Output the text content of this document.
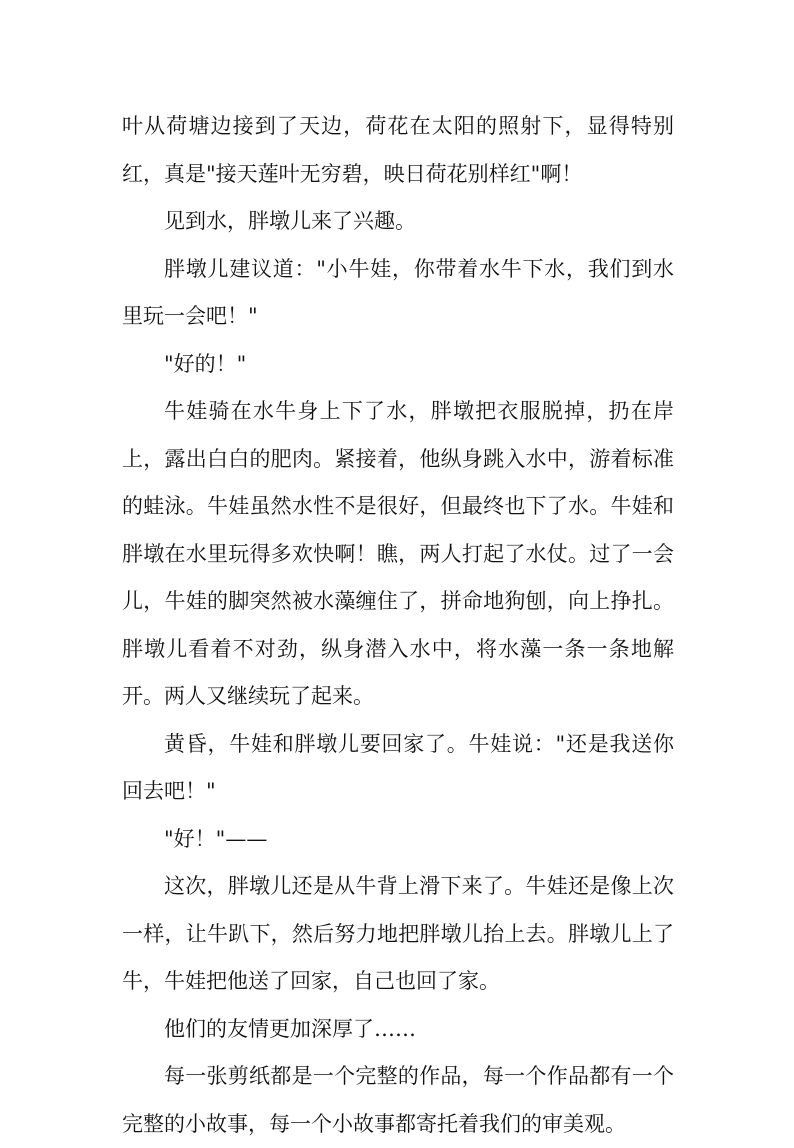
叶从荷塘边接到了天边，荷花在太阳的照射下，显得特别红，真是"接天莲叶无穷碧，映日荷花别样红"啊！

见到水，胖墩儿来了兴趣。

胖墩儿建议道："小牛娃，你带着水牛下水，我们到水里玩一会吧！"

"好的！"

牛娃骑在水牛身上下了水，胖墩把衣服脱掉，扔在岸上，露出白白的肥肉。紧接着，他纵身跳入水中，游着标准的蛙泳。牛娃虽然水性不是很好，但最终也下了水。牛娃和胖墩在水里玩得多欢快啊！瞧，两人打起了水仗。过了一会儿，牛娃的脚突然被水藻缠住了，拼命地狗刨，向上挣扎。胖墩儿看着不对劲，纵身潜入水中，将水藻一条一条地解开。两人又继续玩了起来。

黄昏，牛娃和胖墩儿要回家了。牛娃说："还是我送你回去吧！"

"好！"——

这次，胖墩儿还是从牛背上滑下来了。牛娃还是像上次一样，让牛趴下，然后努力地把胖墩儿抬上去。胖墩儿上了牛，牛娃把他送了回家，自己也回了家。

他们的友情更加深厚了……

每一张剪纸都是一个完整的作品，每一个作品都有一个完整的小故事，每一个小故事都寄托着我们的审美观。
